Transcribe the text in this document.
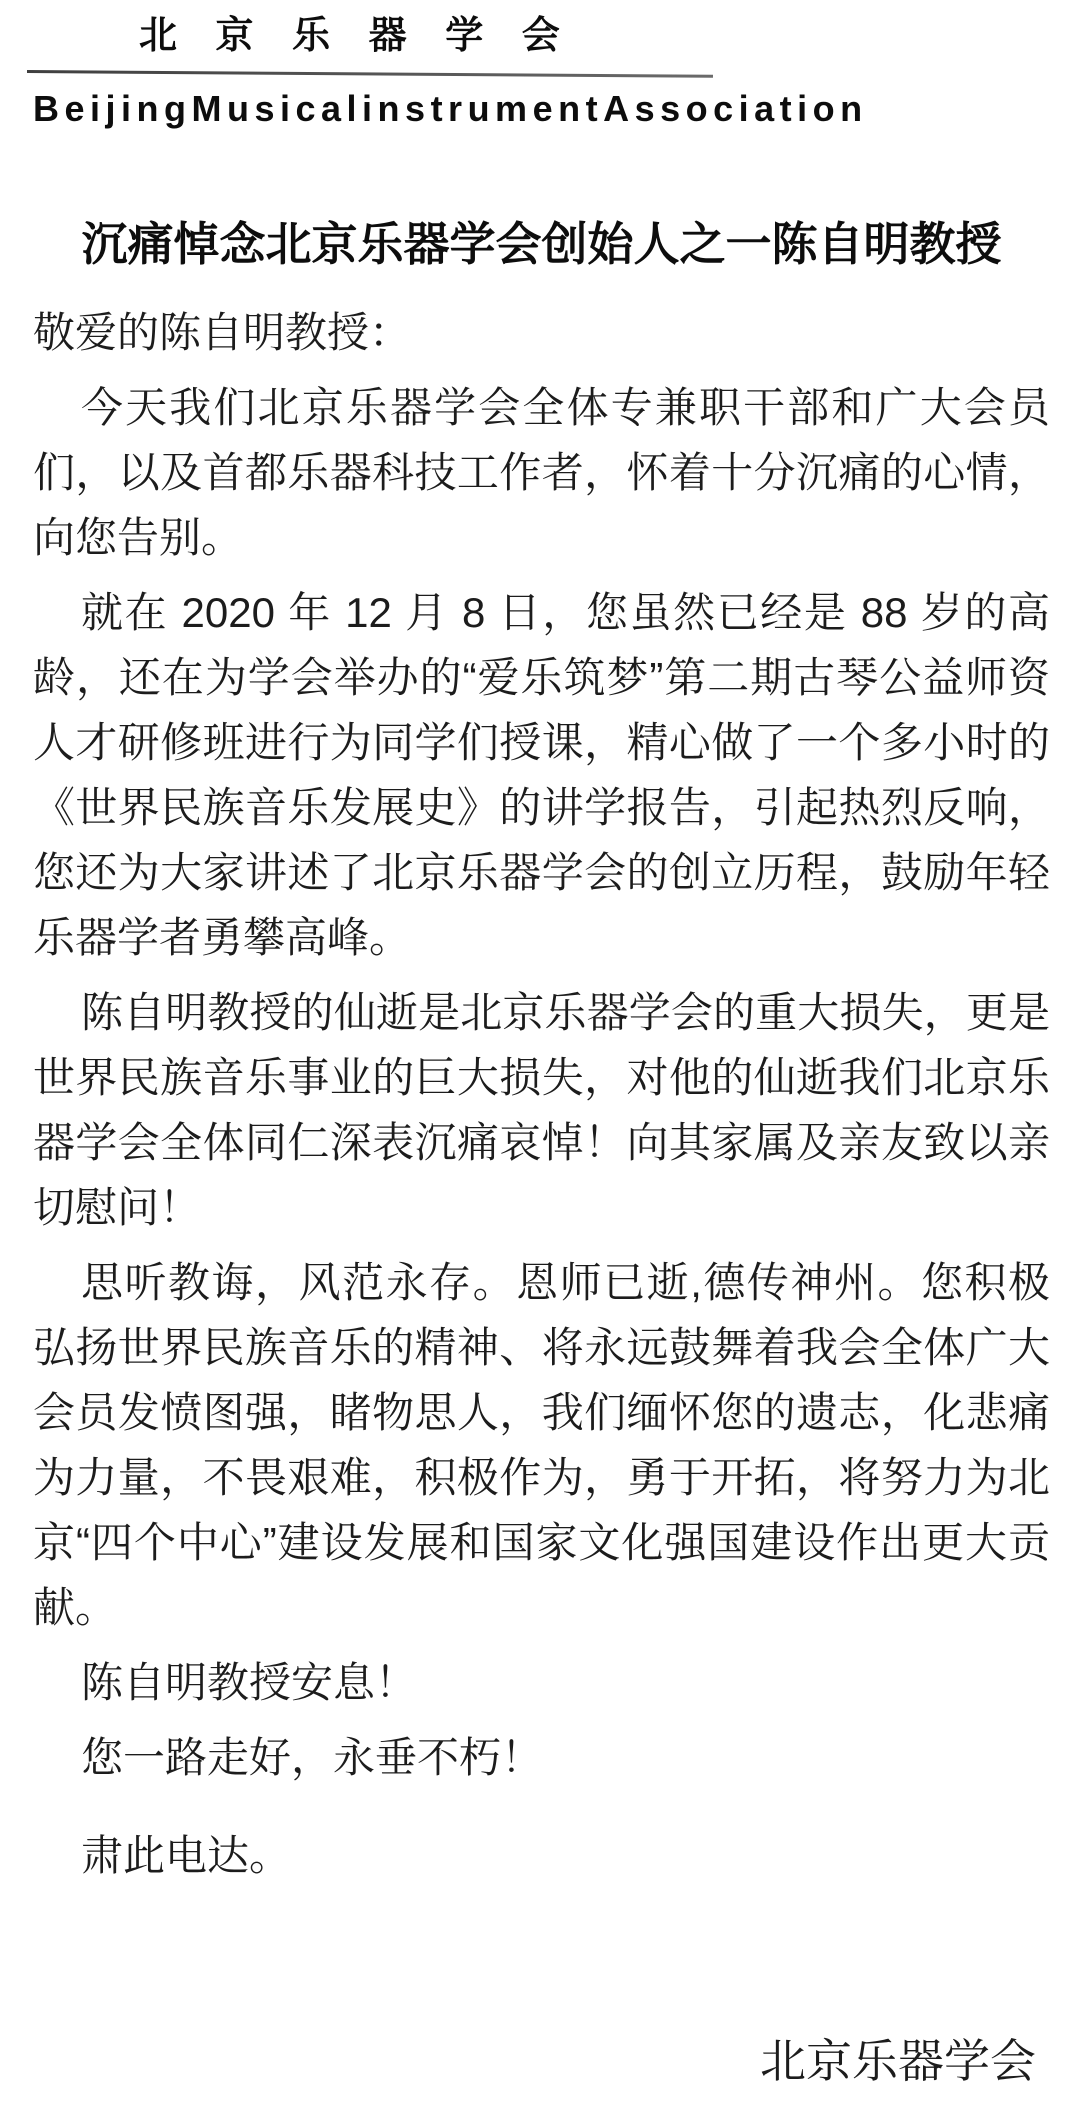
北 京 乐 器 学 会
BeijingMusicalinstrumentAssociation
沉痛悼念北京乐器学会创始人之一陈自明教授

敬爱的陈自明教授：

今天我们北京乐器学会全体专兼职干部和广大会员们，以及首都乐器科技工作者，怀着十分沉痛的心情，向您告别。

就在 2020 年 12 月 8 日，您虽然已经是 88 岁的高龄，还在为学会举办的“爱乐筑梦”第二期古琴公益师资人才研修班进行为同学们授课，精心做了一个多小时的《世界民族音乐发展史》的讲学报告，引起热烈反响，您还为大家讲述了北京乐器学会的创立历程，鼓励年轻乐器学者勇攀高峰。

陈自明教授的仙逝是北京乐器学会的重大损失，更是世界民族音乐事业的巨大损失，对他的仙逝我们北京乐器学会全体同仁深表沉痛哀悼！向其家属及亲友致以亲切慰问！

思听教诲，风范永存。恩师已逝,德传神州。您积极弘扬世界民族音乐的精神、将永远鼓舞着我会全体广大会员发愤图强，睹物思人，我们缅怀您的遗志，化悲痛为力量，不畏艰难，积极作为，勇于开拓，将努力为北京“四个中心”建设发展和国家文化强国建设作出更大贡献。

陈自明教授安息！

您一路走好，永垂不朽！

肃此电达。

北京乐器学会
